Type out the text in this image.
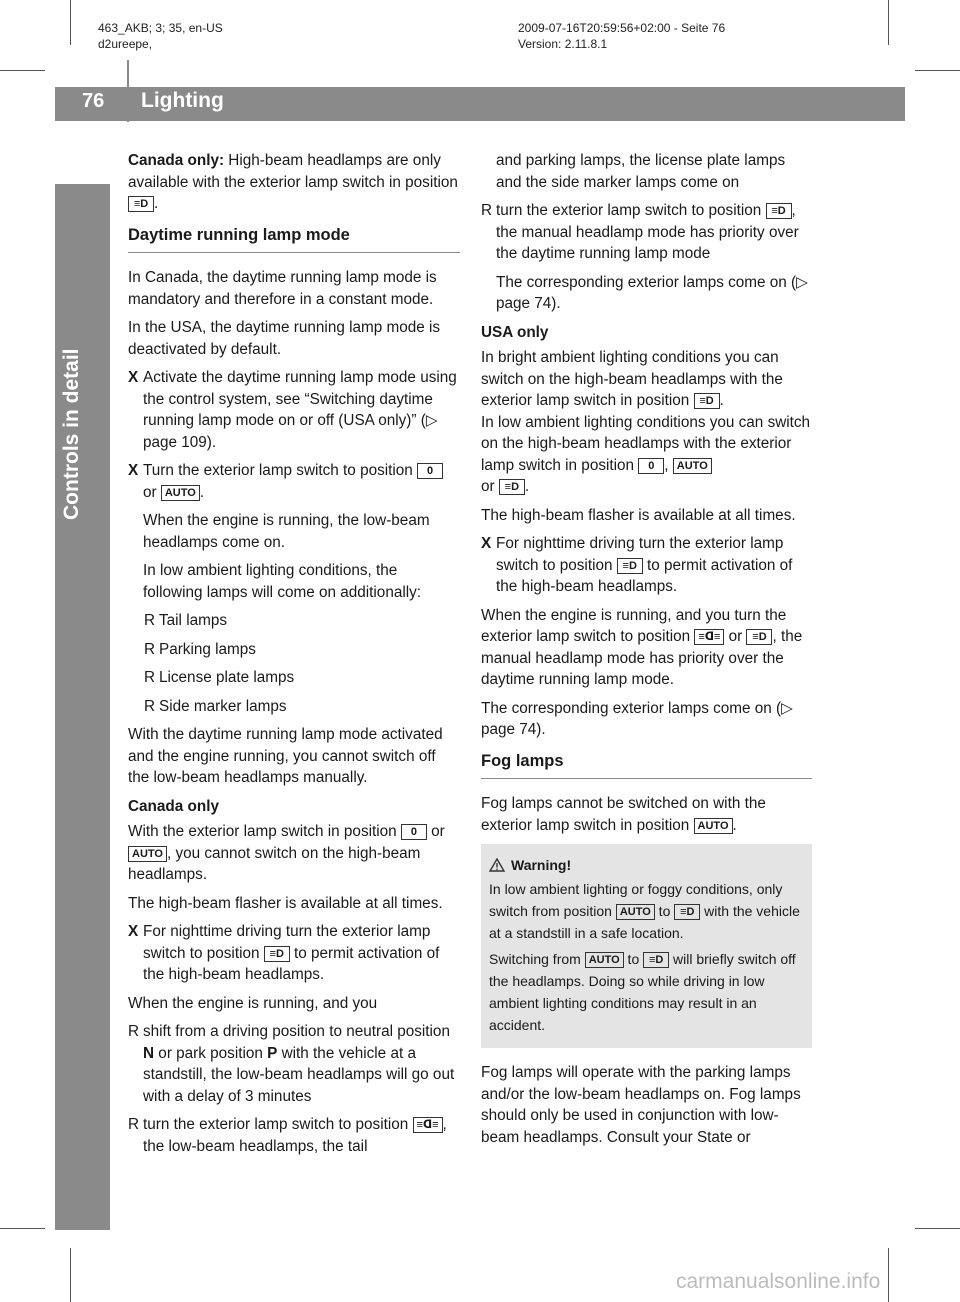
463_AKB; 3; 35, en-US
d2ureepe,
2009-07-16T20:59:56+02:00 - Seite 76
Version: 2.11.8.1
76 Lighting
Controls in detail

Canada only: High-beam headlamps are only available with the exterior lamp switch in position ≡D .

Daytime running lamp mode

In Canada, the daytime running lamp mode is mandatory and therefore in a constant mode.

In the USA, the daytime running lamp mode is deactivated by default.

X Activate the daytime running lamp mode using the control system, see “Switching daytime running lamp mode on or off (USA only)” (▷ page 109).
X Turn the exterior lamp switch to position 0 or AUTO .

When the engine is running, the low-beam headlamps come on.

In low ambient lighting conditions, the following lamps will come on additionally:

R Tail lamps
R Parking lamps
R License plate lamps
R Side marker lamps

With the daytime running lamp mode activated and the engine running, you cannot switch off the low-beam headlamps manually.

Canada only

With the exterior lamp switch in position 0 or AUTO , you cannot switch on the high-beam headlamps.

The high-beam flasher is available at all times.

X For nighttime driving turn the exterior lamp switch to position ≡D to permit activation of the high-beam headlamps.

When the engine is running, and you

R shift from a driving position to neutral position N or park position P with the vehicle at a standstill, the low-beam headlamps will go out with a delay of 3 minutes
R turn the exterior lamp switch to position ≡ᗡ≡ , the low-beam headlamps, the tail

and parking lamps, the license plate lamps and the side marker lamps come on

R turn the exterior lamp switch to position ≡D , the manual headlamp mode has priority over the daytime running lamp mode

The corresponding exterior lamps come on (▷ page 74).

USA only

In bright ambient lighting conditions you can switch on the high-beam headlamps with the exterior lamp switch in position ≡D .

In low ambient lighting conditions you can switch on the high-beam headlamps with the exterior lamp switch in position 0 , AUTO
or ≡D .

The high-beam flasher is available at all times.

X For nighttime driving turn the exterior lamp switch to position ≡D to permit activation of the high-beam headlamps.

When the engine is running, and you turn the exterior lamp switch to position ≡ᗡ≡ or ≡D , the manual headlamp mode has priority over the daytime running lamp mode.

The corresponding exterior lamps come on (▷ page 74).

Fog lamps

Fog lamps cannot be switched on with the exterior lamp switch in position AUTO .

Warning!

In low ambient lighting or foggy conditions, only switch from position AUTO to ≡D with the vehicle at a standstill in a safe location.

Switching from AUTO to ≡D will briefly switch off the headlamps. Doing so while driving in low ambient lighting conditions may result in an accident.

Fog lamps will operate with the parking lamps and/or the low-beam headlamps on. Fog lamps should only be used in conjunction with low-beam headlamps. Consult your State or

carmanualsonline.info
